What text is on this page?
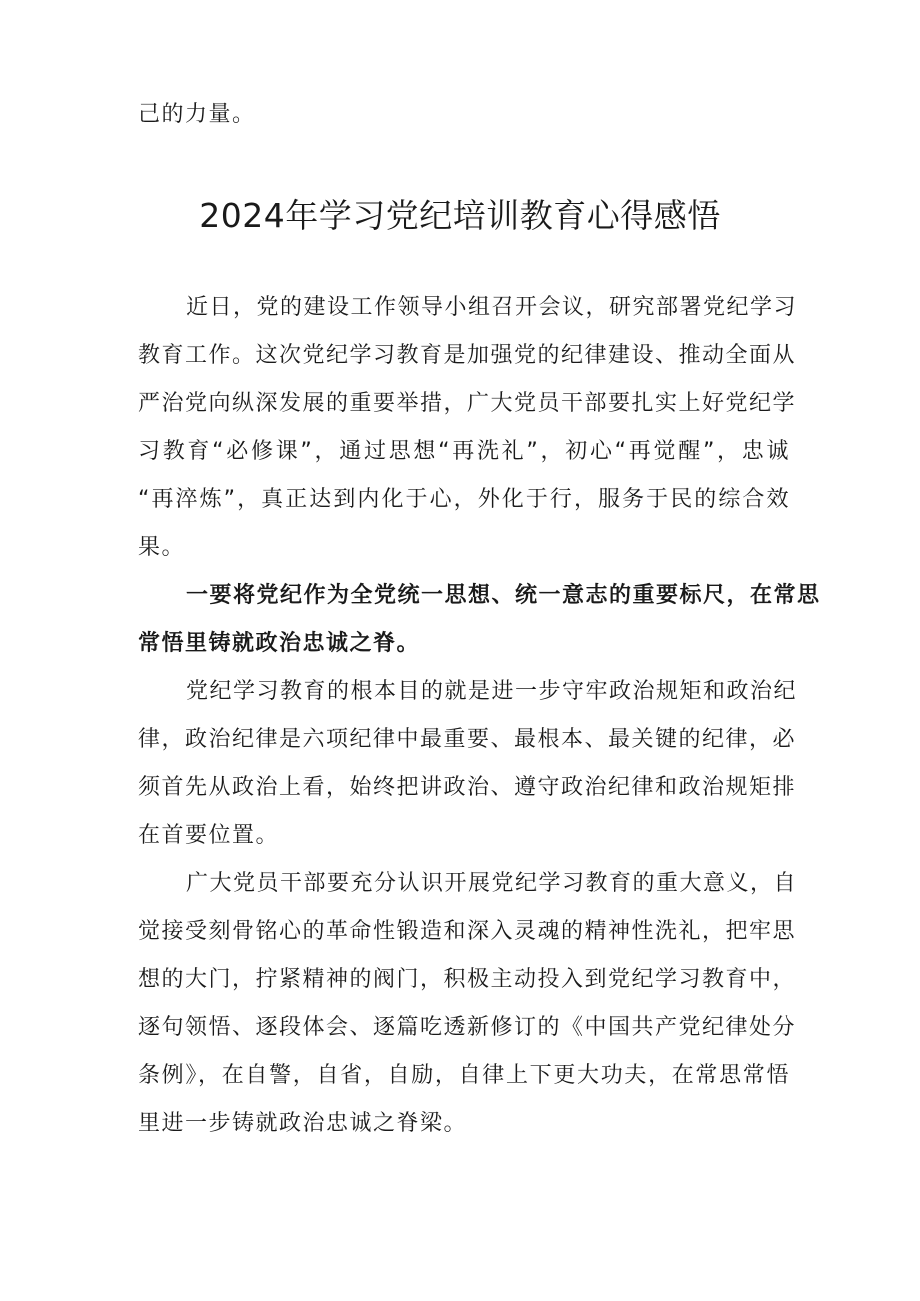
己的力量。
2024年学习党纪培训教育心得感悟
近日，党的建设工作领导小组召开会议，研究部署党纪学习
教育工作。这次党纪学习教育是加强党的纪律建设、推动全面从
严治党向纵深发展的重要举措，广大党员干部要扎实上好党纪学
习教育“必修课”，通过思想“再洗礼”，初心“再觉醒”，忠诚
“再淬炼”，真正达到内化于心，外化于行，服务于民的综合效
果。
一要将党纪作为全党统一思想、统一意志的重要标尺，在常思
常悟里铸就政治忠诚之脊。
党纪学习教育的根本目的就是进一步守牢政治规矩和政治纪
律，政治纪律是六项纪律中最重要、最根本、最关键的纪律，必
须首先从政治上看，始终把讲政治、遵守政治纪律和政治规矩排
在首要位置。
广大党员干部要充分认识开展党纪学习教育的重大意义，自
觉接受刻骨铭心的革命性锻造和深入灵魂的精神性洗礼，把牢思
想的大门，拧紧精神的阀门，积极主动投入到党纪学习教育中，
逐句领悟、逐段体会、逐篇吃透新修订的《中国共产党纪律处分
条例》，在自警，自省，自励，自律上下更大功夫，在常思常悟
里进一步铸就政治忠诚之脊梁。
